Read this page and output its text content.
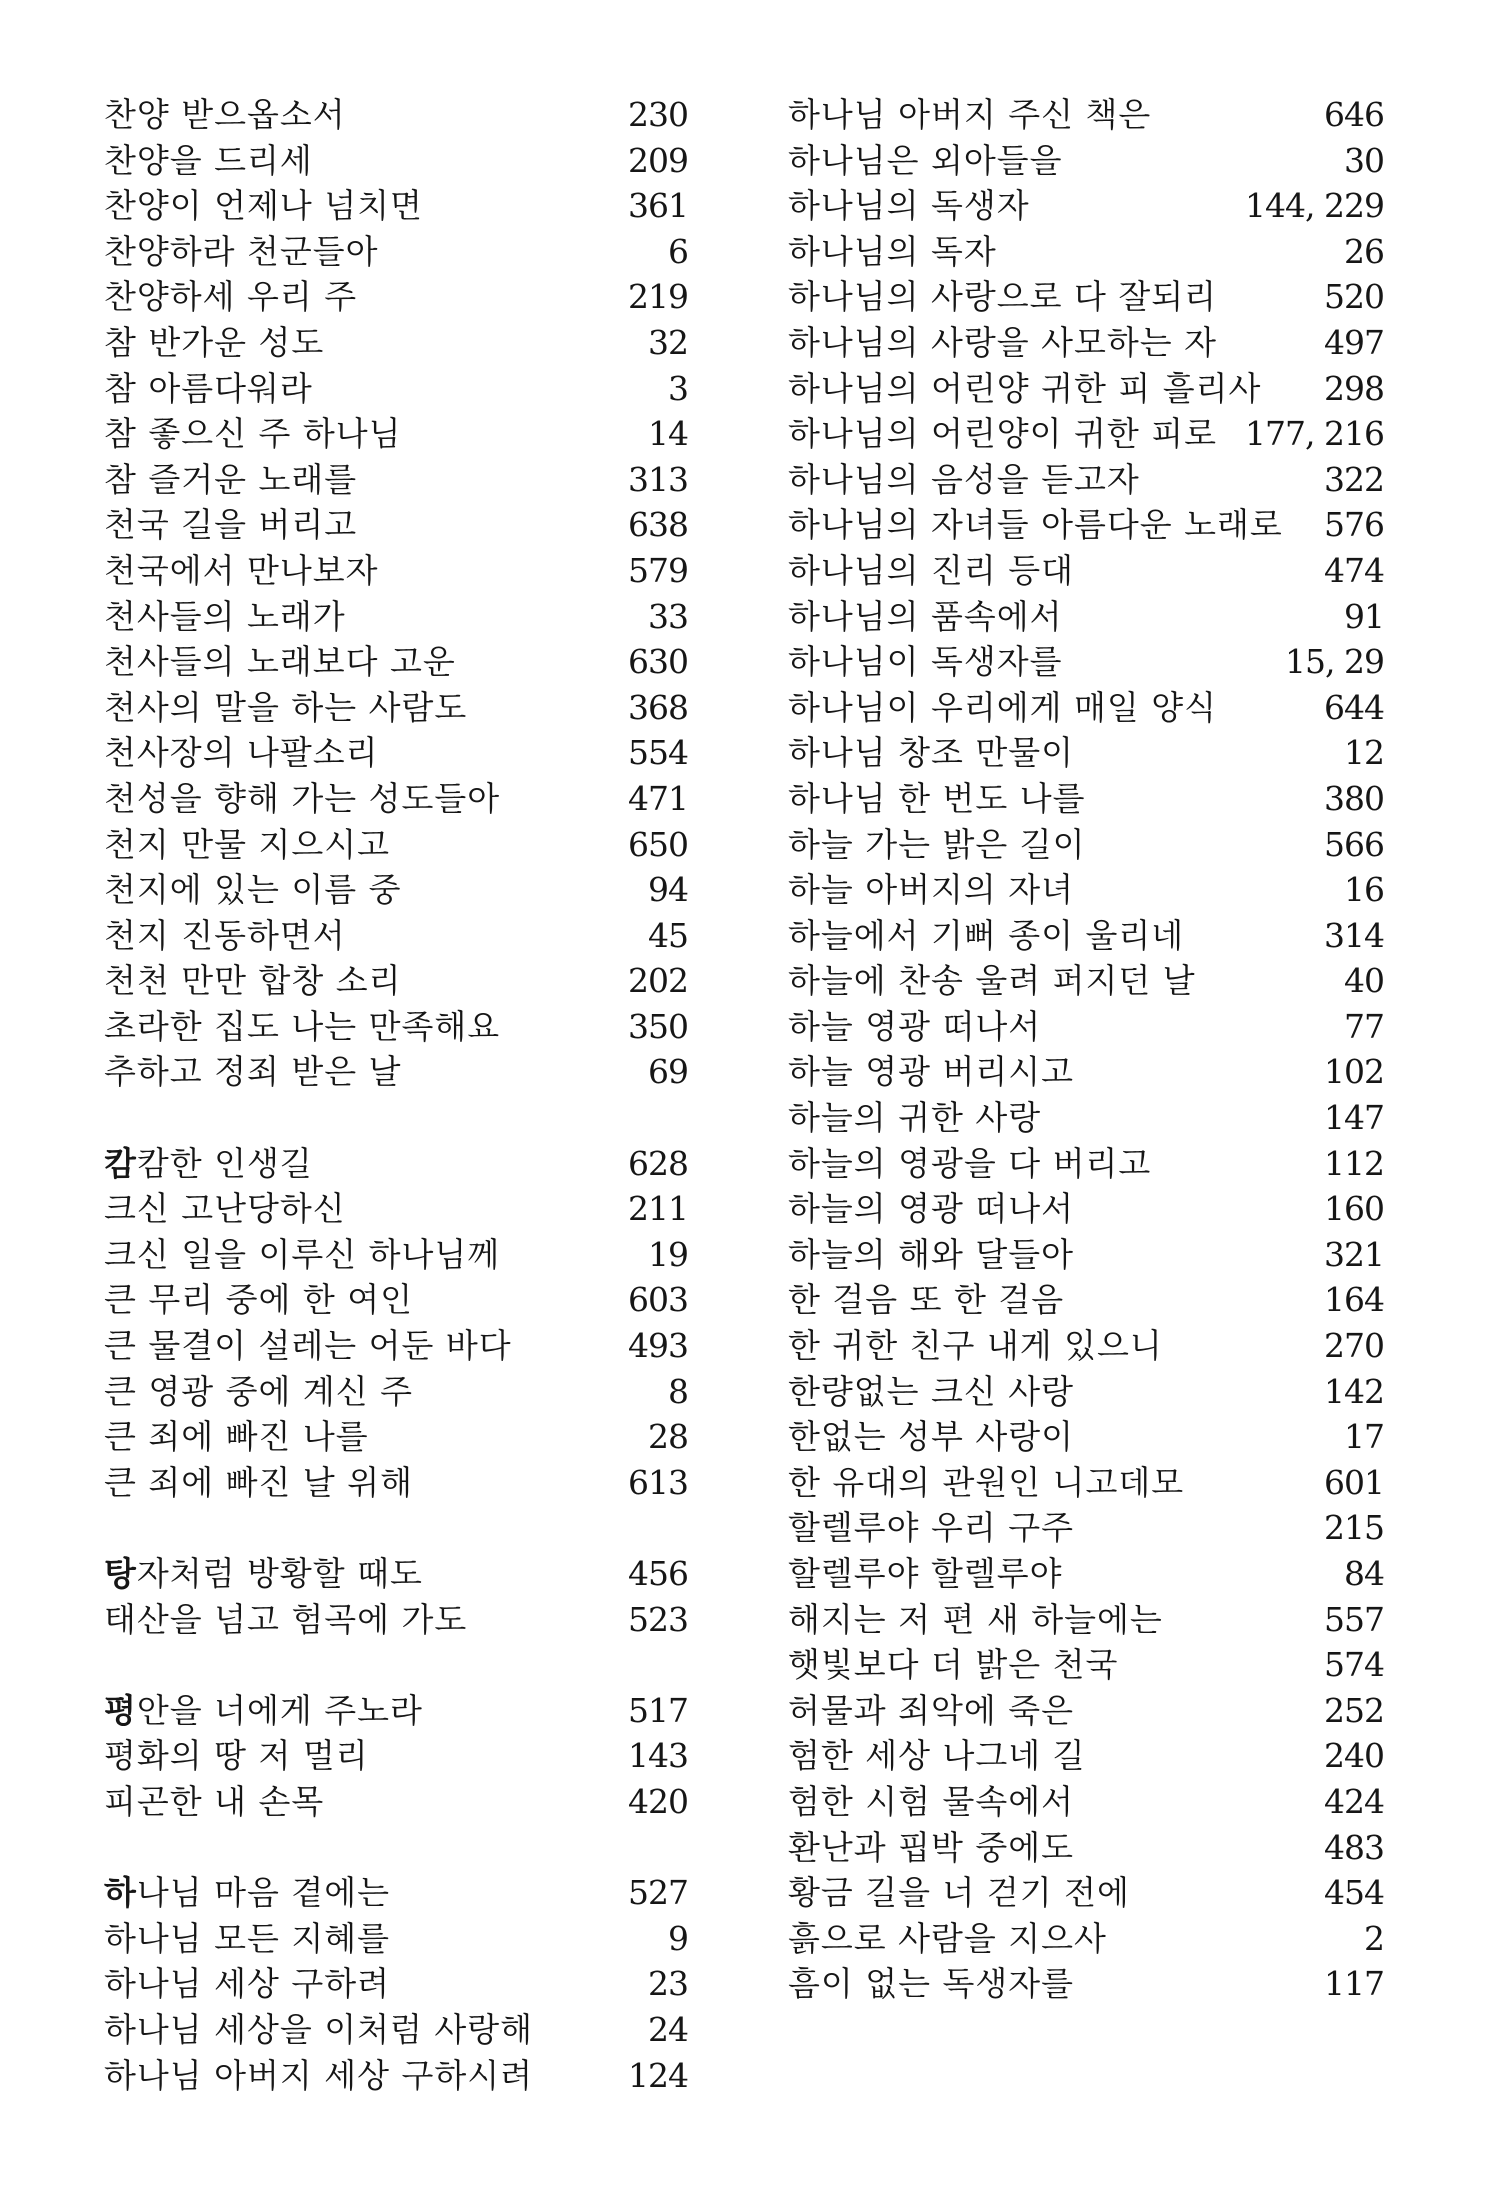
찬양 받으옵소서	230
찬양을 드리세	209
찬양이 언제나 넘치면	361
찬양하라 천군들아	6
찬양하세 우리 주	219
참 반가운 성도	32
참 아름다워라	3
참 좋으신 주 하나님	14
참 즐거운 노래를	313
천국 길을 버리고	638
천국에서 만나보자	579
천사들의 노래가	33
천사들의 노래보다 고운	630
천사의 말을 하는 사람도	368
천사장의 나팔소리	554
천성을 향해 가는 성도들아	471
천지 만물 지으시고	650
천지에 있는 이름 중	94
천지 진동하면서	45
천천 만만 합창 소리	202
초라한 집도 나는 만족해요	350
추하고 정죄 받은 날	69
캄캄한 인생길	628
크신 고난당하신	211
크신 일을 이루신 하나님께	19
큰 무리 중에 한 여인	603
큰 물결이 설레는 어둔 바다	493
큰 영광 중에 계신 주	8
큰 죄에 빠진 나를	28
큰 죄에 빠진 날 위해	613
탕자처럼 방황할 때도	456
태산을 넘고 험곡에 가도	523
평안을 너에게 주노라	517
평화의 땅 저 멀리	143
피곤한 내 손목	420
하나님 마음 곁에는	527
하나님 모든 지혜를	9
하나님 세상 구하려	23
하나님 세상을 이처럼 사랑해	24
하나님 아버지 세상 구하시려	124
하나님 아버지 주신 책은	646
하나님은 외아들을	30
하나님의 독생자	144, 229
하나님의 독자	26
하나님의 사랑으로 다 잘되리	520
하나님의 사랑을 사모하는 자	497
하나님의 어린양 귀한 피 흘리사 298
하나님의 어린양이 귀한 피로 177, 216
하나님의 음성을 듣고자	322
하나님의 자녀들 아름다운 노래로 576
하나님의 진리 등대	474
하나님의 품속에서	91
하나님이 독생자를	15, 29
하나님이 우리에게 매일 양식	644
하나님 창조 만물이	12
하나님 한 번도 나를	380
하늘 가는 밝은 길이	566
하늘 아버지의 자녀	16
하늘에서 기뻐 종이 울리네	314
하늘에 찬송 울려 퍼지던 날	40
하늘 영광 떠나서	77
하늘 영광 버리시고	102
하늘의 귀한 사랑	147
하늘의 영광을 다 버리고	112
하늘의 영광 떠나서	160
하늘의 해와 달들아	321
한 걸음 또 한 걸음	164
한 귀한 친구 내게 있으니	270
한량없는 크신 사랑	142
한없는 성부 사랑이	17
한 유대의 관원인 니고데모	601
할렐루야 우리 구주	215
할렐루야 할렐루야	84
해지는 저 편 새 하늘에는	557
햇빛보다 더 밝은 천국	574
허물과 죄악에 죽은	252
험한 세상 나그네 길	240
험한 시험 물속에서	424
환난과 핍박 중에도	483
황금 길을 너 걷기 전에	454
흙으로 사람을 지으사	2
흠이 없는 독생자를	117
